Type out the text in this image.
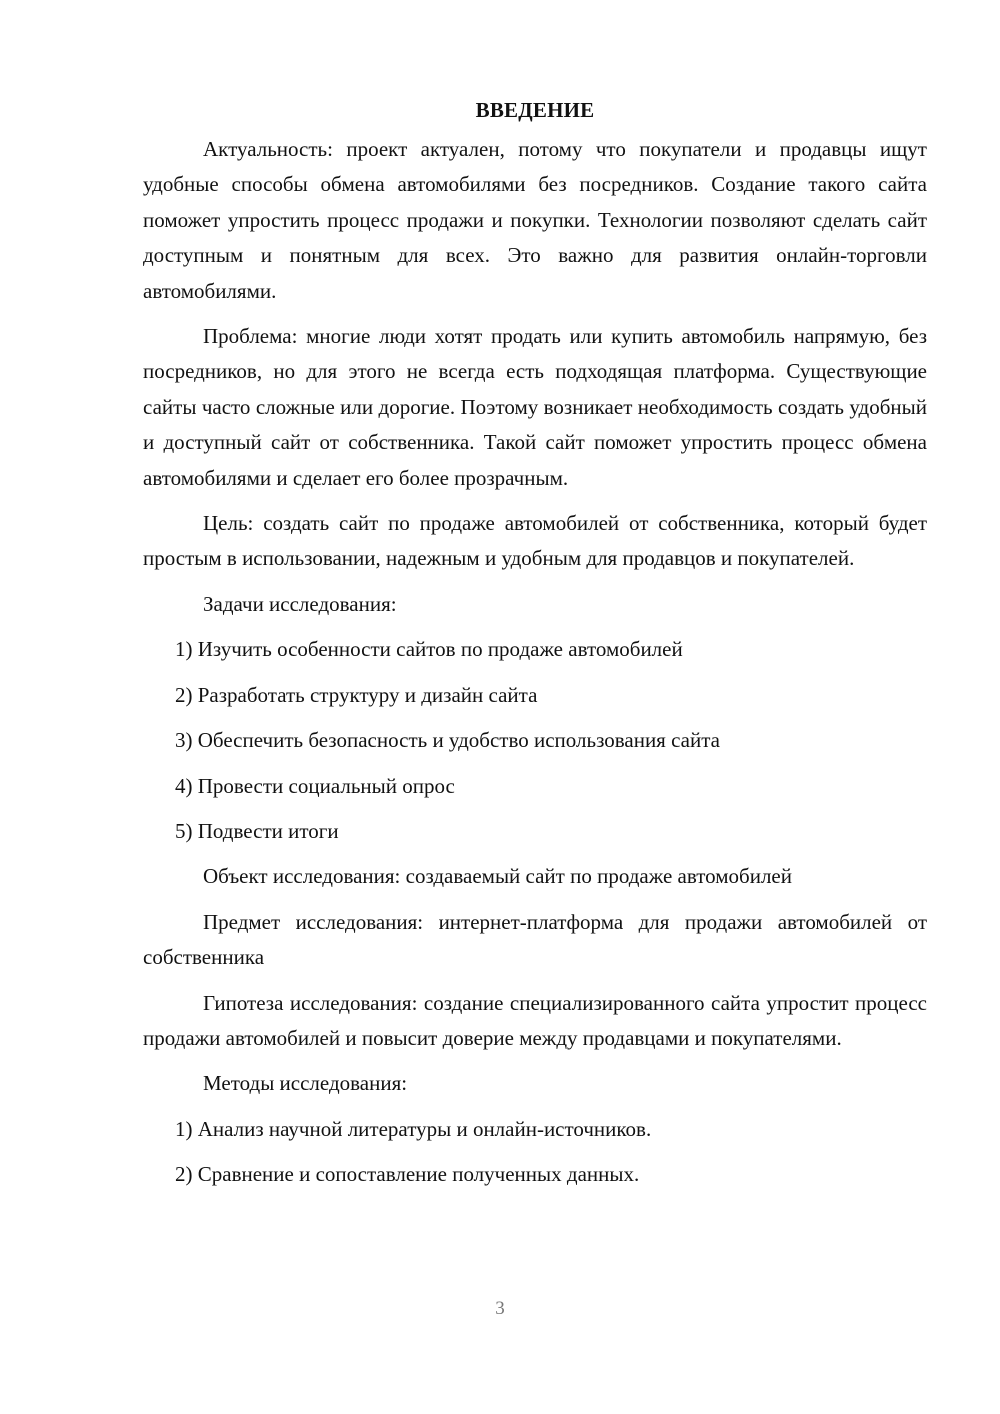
ВВЕДЕНИЕ

Актуальность: проект актуален, потому что покупатели и продавцы ищут удобные способы обмена автомобилями без посредников. Создание такого сайта поможет упростить процесс продажи и покупки. Технологии позволяют сделать сайт доступным и понятным для всех. Это важно для развития онлайн-торговли автомобилями.

Проблема: многие люди хотят продать или купить автомобиль напрямую, без посредников, но для этого не всегда есть подходящая платформа. Существующие сайты часто сложные или дорогие. Поэтому возникает необходимость создать удобный и доступный сайт от собственника. Такой сайт поможет упростить процесс обмена автомобилями и сделает его более прозрачным.

Цель: создать сайт по продаже автомобилей от собственника, который будет простым в использовании, надежным и удобным для продавцов и покупателей.

Задачи исследования:

1) Изучить особенности сайтов по продаже автомобилей
2) Разработать структуру и дизайн сайта
3) Обеспечить безопасность и удобство использования сайта
4) Провести социальный опрос
5) Подвести итоги

Объект исследования: создаваемый сайт по продаже автомобилей

Предмет исследования: интернет-платформа для продажи автомобилей от собственника

Гипотеза исследования: создание специализированного сайта упростит процесс продажи автомобилей и повысит доверие между продавцами и покупателями.

Методы исследования:

1) Анализ научной литературы и онлайн-источников.
2) Сравнение и сопоставление полученных данных.
3
